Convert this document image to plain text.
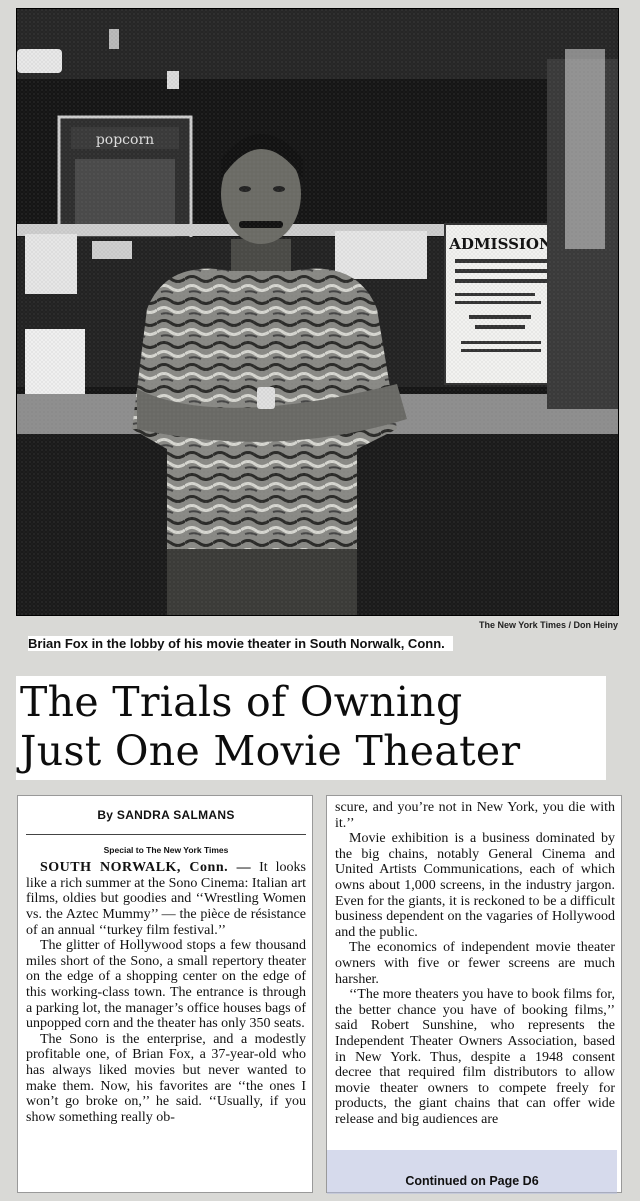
The New York Times / Don Heiny
Brian Fox in the lobby of his movie theater in South Norwalk, Conn.
The Trials of Owning
Just One Movie Theater
By SANDRA SALMANS
Special to The New York Times

SOUTH NORWALK, Conn. — It looks like a rich summer at the Sono Cinema: Italian art films, oldies but goodies and ‘‘Wrestling Women vs. the Aztec Mummy’’ — the pièce de résistance of an annual ‘‘turkey film festival.’’

The glitter of Hollywood stops a few thousand miles short of the Sono, a small repertory theater on the edge of a shopping center on the edge of this working-class town. The entrance is through a parking lot, the manager’s office houses bags of unpopped corn and the theater has only 350 seats.

The Sono is the enterprise, and a modestly profitable one, of Brian Fox, a 37-year-old who has always liked movies but never wanted to make them. Now, his favorites are ‘‘the ones I won’t go broke on,’’ he said. ‘‘Usually, if you show something really ob-

scure, and you’re not in New York, you die with it.’’

Movie exhibition is a business dominated by the big chains, notably General Cinema and United Artists Communications, each of which owns about 1,000 screens, in the industry jargon. Even for the giants, it is reckoned to be a difficult business dependent on the vagaries of Hollywood and the public.

The economics of independent movie theater owners with five or fewer screens are much harsher.

‘‘The more theaters you have to book films for, the better chance you have of booking films,’’ said Robert Sunshine, who represents the Independent Theater Owners Association, based in New York. Thus, despite a 1948 consent decree that required film distributors to allow movie theater owners to compete freely for products, the giant chains that can offer wide release and big audiences are

Continued on Page D6
